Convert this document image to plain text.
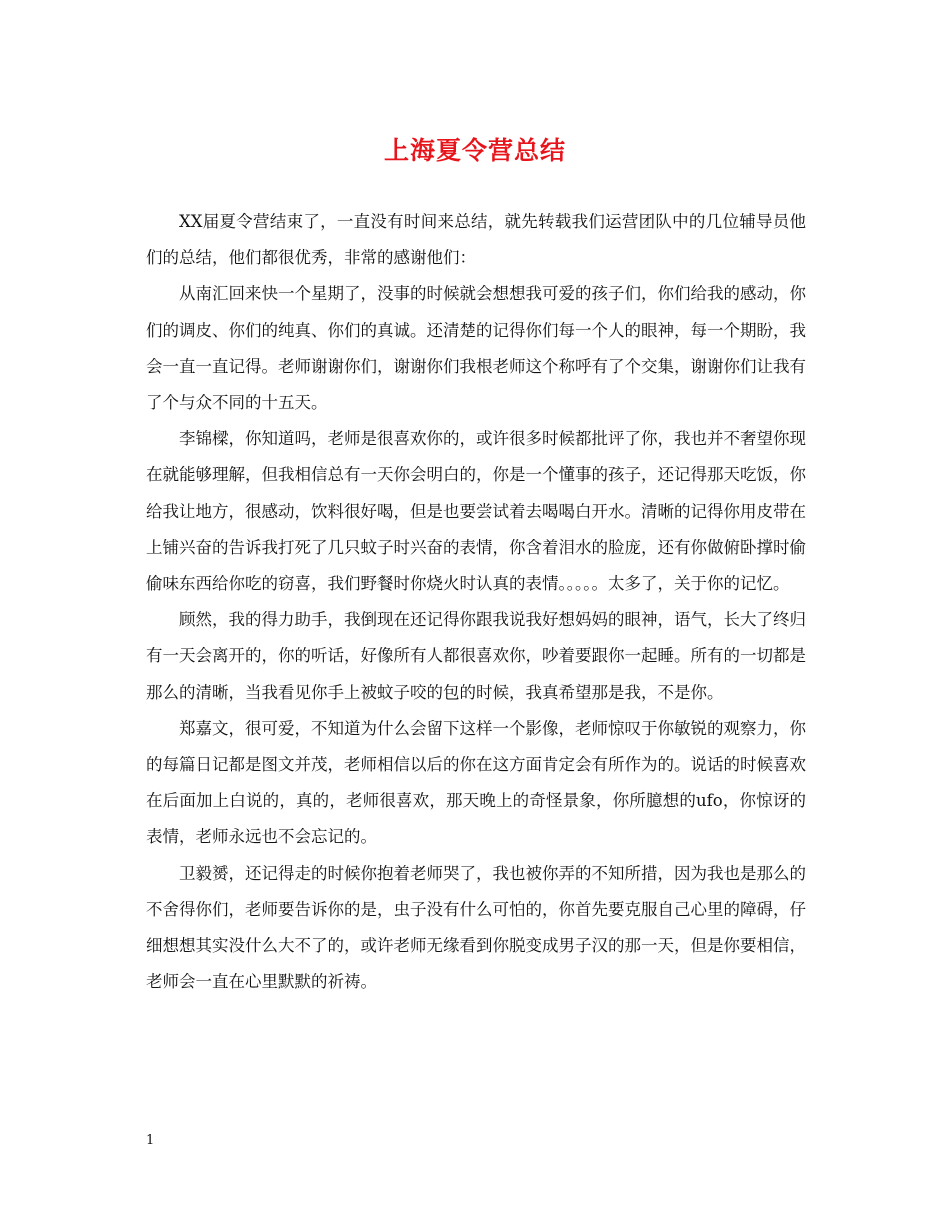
上海夏令营总结

XX届夏令营结束了，一直没有时间来总结，就先转载我们运营团队中的几位辅导员他们的总结，他们都很优秀，非常的感谢他们：

从南汇回来快一个星期了，没事的时候就会想想我可爱的孩子们，你们给我的感动，你们的调皮、你们的纯真、你们的真诚。还清楚的记得你们每一个人的眼神，每一个期盼，我会一直一直记得。老师谢谢你们，谢谢你们我根老师这个称呼有了个交集，谢谢你们让我有了个与众不同的十五天。

李锦樑，你知道吗，老师是很喜欢你的，或许很多时候都批评了你，我也并不奢望你现在就能够理解，但我相信总有一天你会明白的，你是一个懂事的孩子，还记得那天吃饭，你给我让地方，很感动，饮料很好喝，但是也要尝试着去喝喝白开水。清晰的记得你用皮带在上铺兴奋的告诉我打死了几只蚊子时兴奋的表情，你含着泪水的脸庞，还有你做俯卧撑时偷偷味东西给你吃的窃喜，我们野餐时你烧火时认真的表情。。。。。太多了，关于你的记忆。

顾然，我的得力助手，我倒现在还记得你跟我说我好想妈妈的眼神，语气，长大了终归有一天会离开的，你的听话，好像所有人都很喜欢你，吵着要跟你一起睡。所有的一切都是那么的清晰，当我看见你手上被蚊子咬的包的时候，我真希望那是我，不是你。

郑嘉文，很可爱，不知道为什么会留下这样一个影像，老师惊叹于你敏锐的观察力，你的每篇日记都是图文并茂，老师相信以后的你在这方面肯定会有所作为的。说话的时候喜欢在后面加上白说的，真的，老师很喜欢，那天晚上的奇怪景象，你所臆想的ufo，你惊讶的表情，老师永远也不会忘记的。

卫毅赟，还记得走的时候你抱着老师哭了，我也被你弄的不知所措，因为我也是那么的不舍得你们，老师要告诉你的是，虫子没有什么可怕的，你首先要克服自己心里的障碍，仔细想想其实没什么大不了的，或许老师无缘看到你脱变成男子汉的那一天，但是你要相信，老师会一直在心里默默的祈祷。

1
